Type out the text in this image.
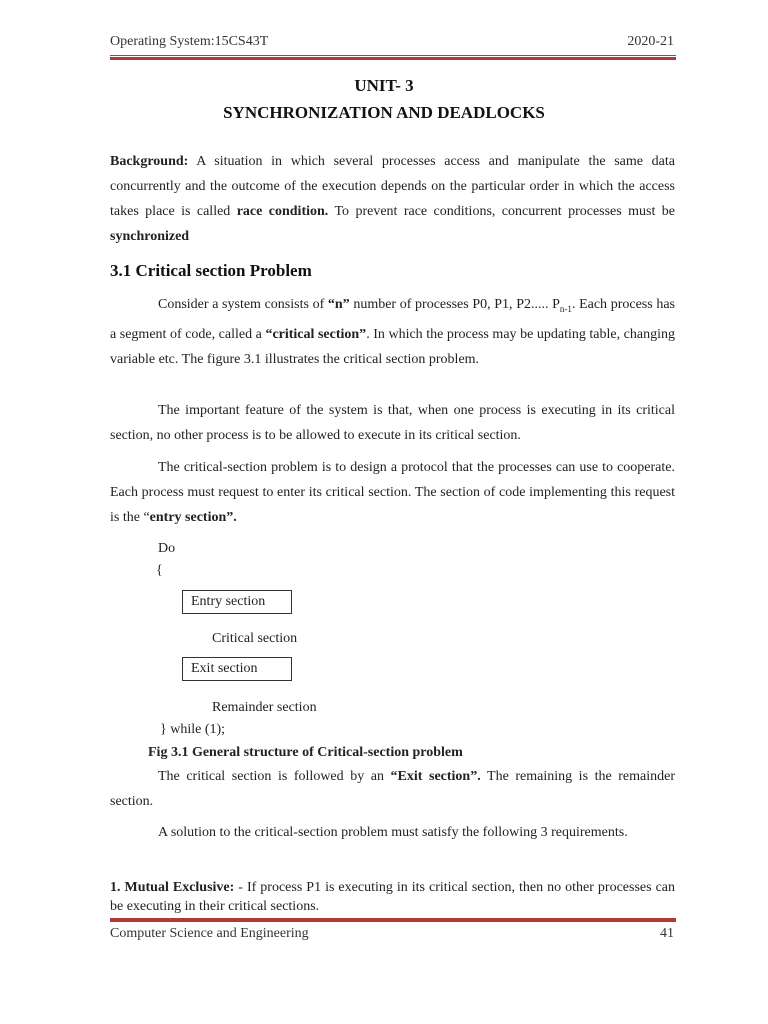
Operating System:15CS43T	2020-21
UNIT- 3
SYNCHRONIZATION AND DEADLOCKS
Background: A situation in which several processes access and manipulate the same data concurrently and the outcome of the execution depends on the particular order in which the access takes place is called race condition. To prevent race conditions, concurrent processes must be synchronized
3.1 Critical section Problem
Consider a system consists of “n” number of processes P0, P1, P2..... $P_{n-1}$. Each process has a segment of code, called a “critical section”. In which the process may be updating table, changing variable etc. The figure 3.1 illustrates the critical section problem.
The important feature of the system is that, when one process is executing in its critical section, no other process is to be allowed to execute in its critical section.
The critical-section problem is to design a protocol that the processes can use to cooperate. Each process must request to enter its critical section. The section of code implementing this request is the “entry section”.
Do
{
Entry section
Critical section
Exit section
Remainder section
} while (1);
Fig 3.1 General structure of Critical-section problem
The critical section is followed by an “Exit section”. The remaining is the remainder section.
A solution to the critical-section problem must satisfy the following 3 requirements.
1. Mutual Exclusive: - If process P1 is executing in its critical section, then no other processes can be executing in their critical sections.
Computer Science and Engineering	41
